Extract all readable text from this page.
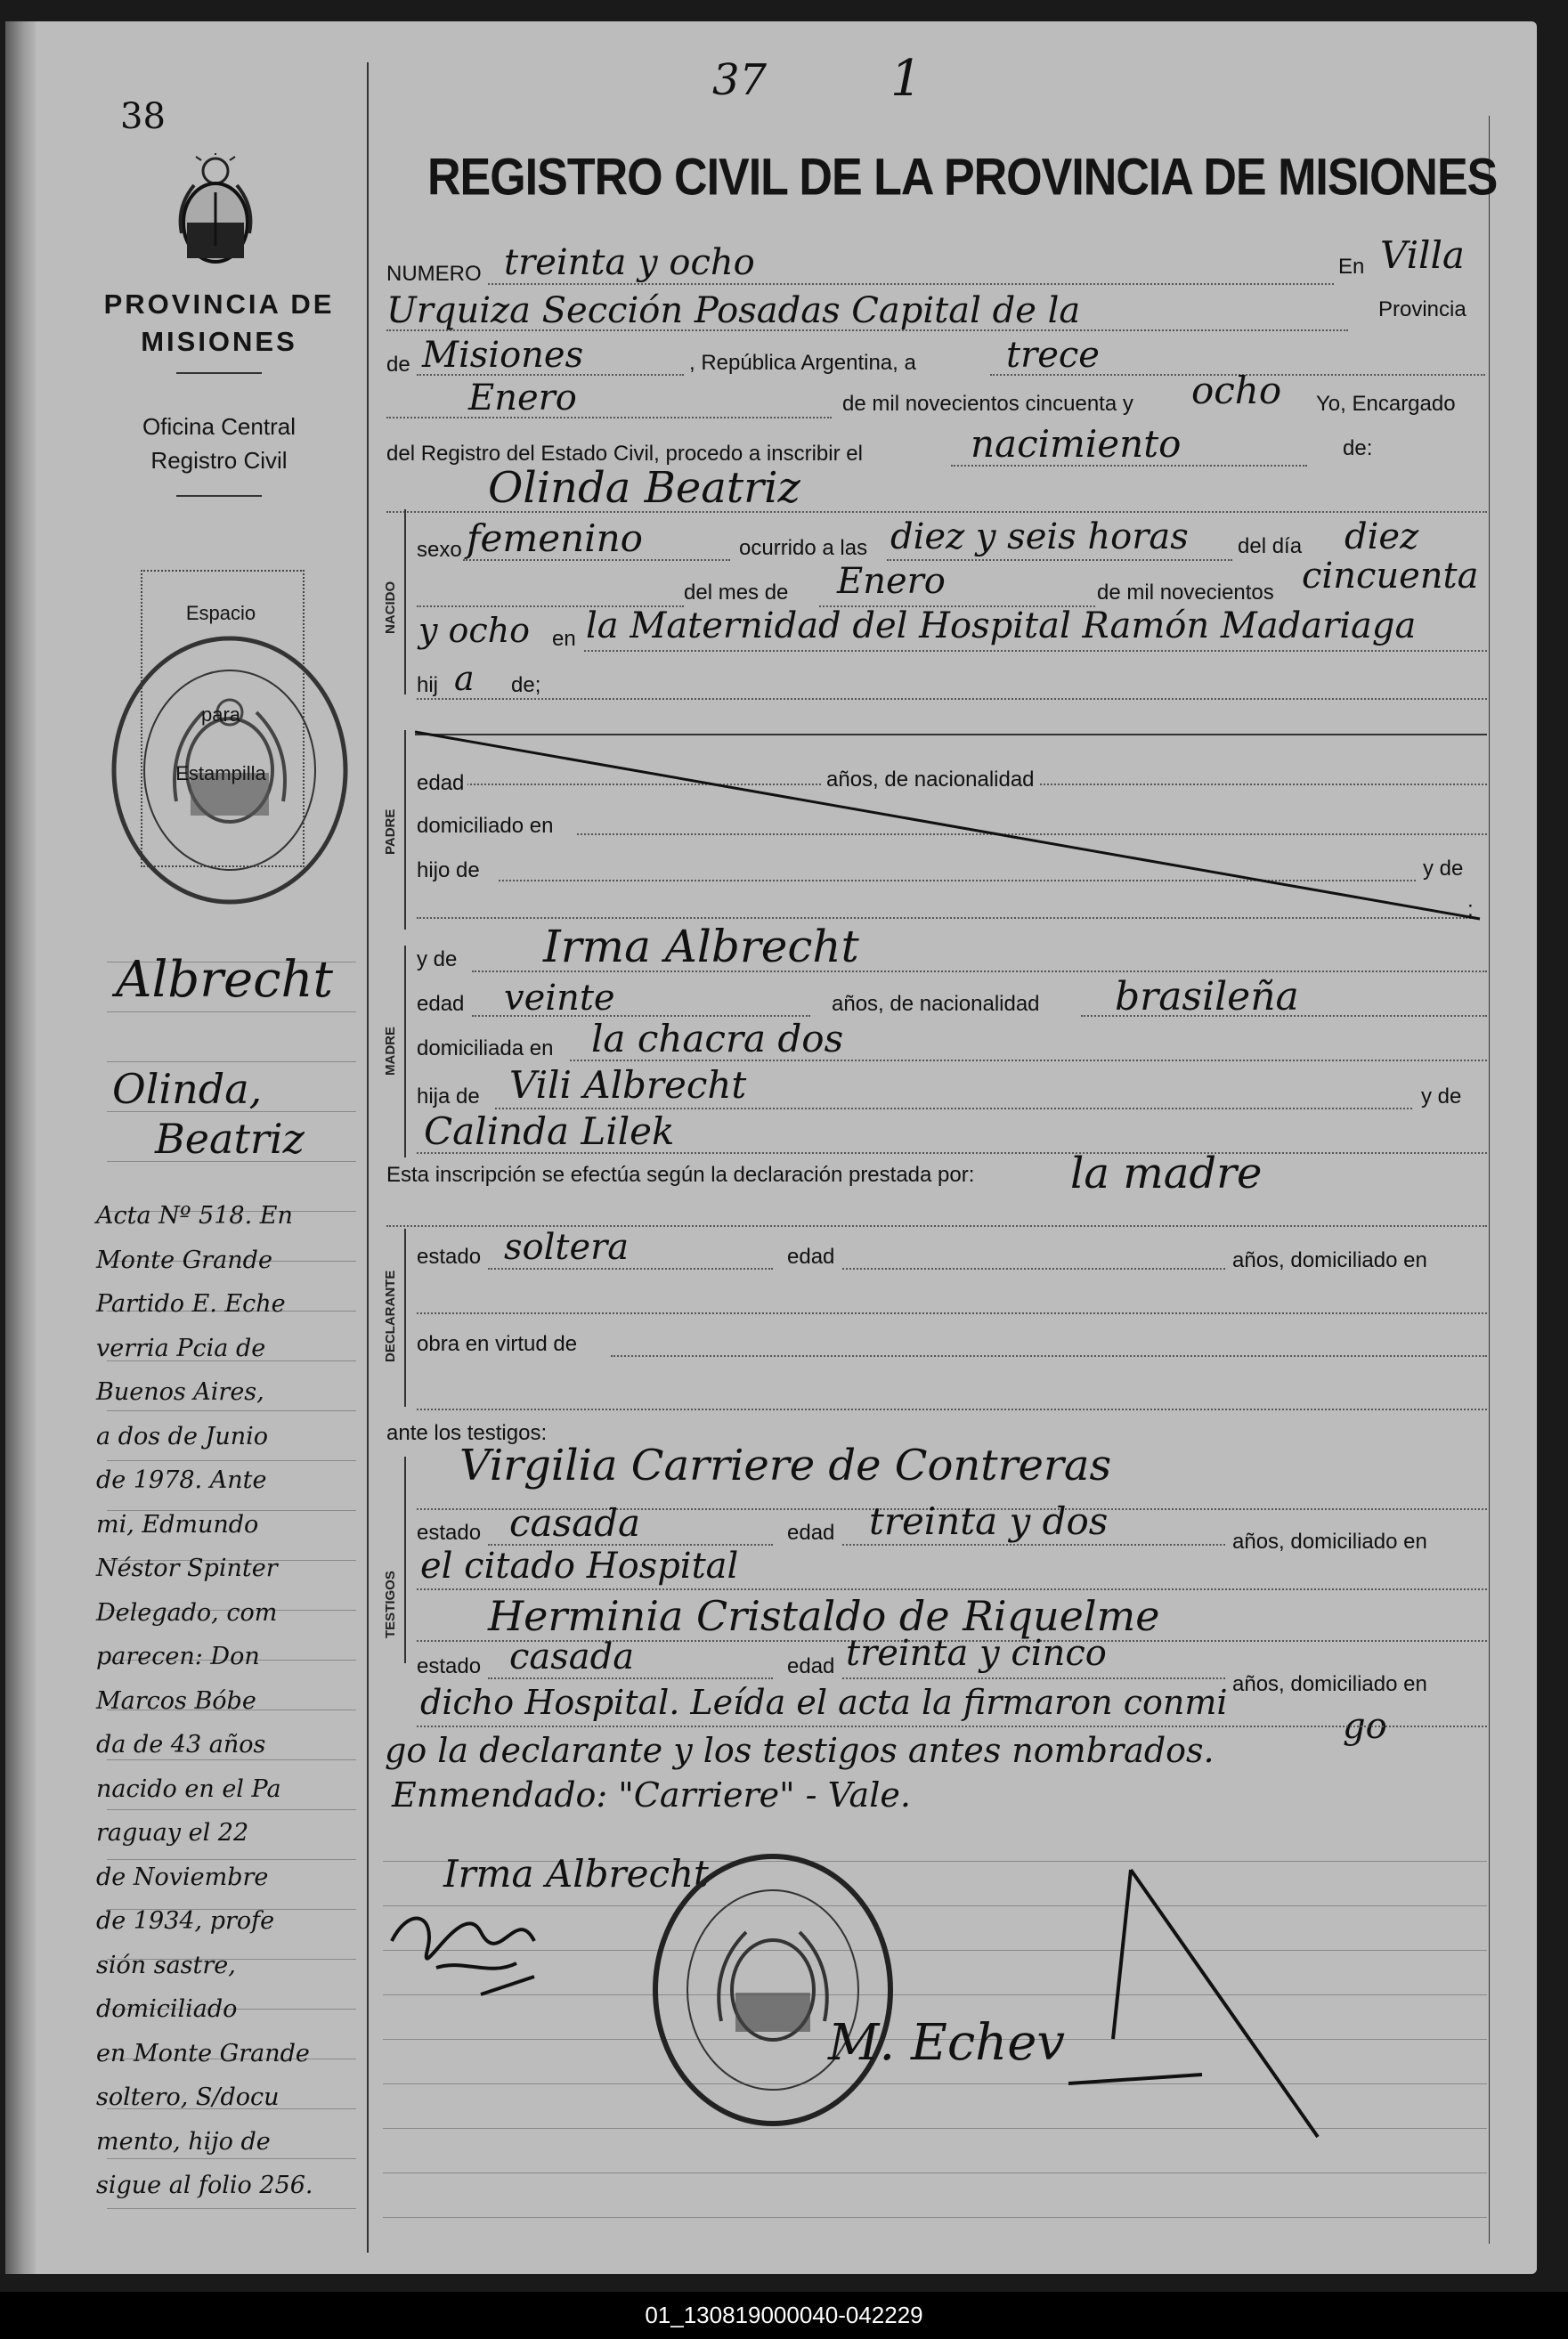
38
37 1
PROVINCIA DE
MISIONES
Oficina Central
Registro Civil
Espacio
para
Estampilla
Albrecht
Olinda,
Beatriz
Acta Nº 518. En
Monte Grande
Partido E. Eche
verria Pcia de
Buenos Aires,
a dos de Junio
de 1978. Ante
mi, Edmundo
Néstor Spinter
Delegado, com
parecen: Don
Marcos Bóbe
da de 43 años
nacido en el Pa
raguay el 22
de Noviembre
de 1934, profe
sión sastre,
domiciliado
en Monte Grande
soltero, S/docu
mento, hijo de
sigue al folio 256.
REGISTRO CIVIL DE LA PROVINCIA DE MISIONES
NUMERO treinta y ocho	En Villa
Urquiza Sección Posadas Capital de la	Provincia
de Misiones	, República Argentina, a	trece
Enero	de mil novecientos cincuenta y ocho Yo, Encargado
del Registro del Estado Civil, procedo a inscribir el	nacimiento	de:
Olinda Beatriz
NACIDO
sexo femenino	ocurrido a las diez y seis horas del día diez
del mes de Enero	de mil novecientos cincuenta
y ocho en la Maternidad del Hospital Ramón Madariaga
hij a de;
PADRE
edad	años, de nacionalidad
domiciliado en
hijo de	y de
;
MADRE
y de Irma Albrecht
edad veinte	años, de nacionalidad brasileña
domiciliada en la chacra dos
hija de Vili Albrecht	y de
Calinda Lilek
Esta inscripción se efectúa según la declaración prestada por: la madre
DECLARANTE
estado soltera	edad	años, domiciliado en
obra en virtud de
ante los testigos:
TESTIGOS
Virgilia Carriere de Contreras
estado casada	edad treinta y dos	años, domiciliado en
el citado Hospital
Herminia Cristaldo de Riquelme
estado casada	edad treinta y cinco
años, domiciliado en
dicho Hospital. Leída el acta la firmaron conmi
go
go la declarante y los testigos antes nombrados.
Enmendado: "Carriere" - Vale.
Irma Albrecht
M. Echev
01_130819000040-042229
